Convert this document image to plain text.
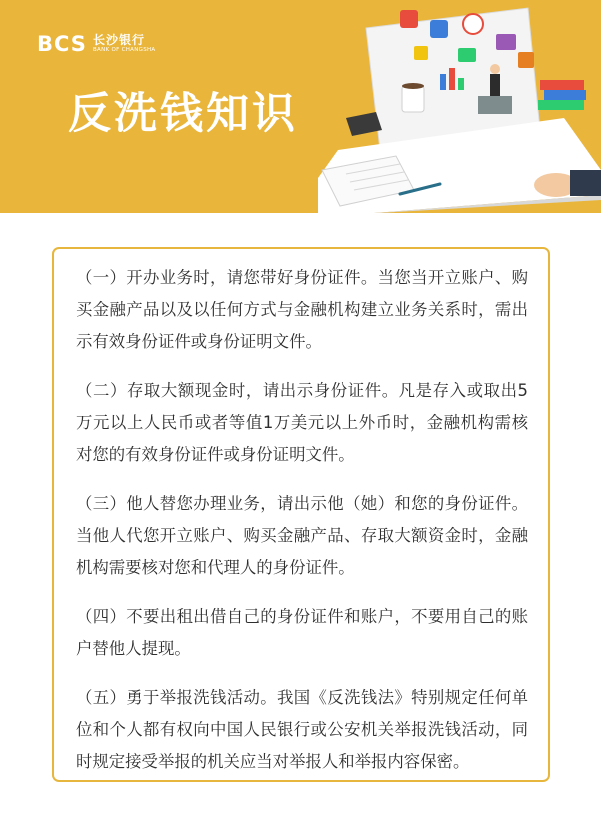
BCS 长沙银行
BANK OF CHANGSHA
反洗钱知识

（一）开办业务时，请您带好身份证件。当您当开立账户、购买金融产品以及以任何方式与金融机构建立业务关系时，需出示有效身份证件或身份证明文件。

（二）存取大额现金时，请出示身份证件。凡是存入或取出5万元以上人民币或者等值1万美元以上外币时，金融机构需核对您的有效身份证件或身份证明文件。

（三）他人替您办理业务，请出示他（她）和您的身份证件。当他人代您开立账户、购买金融产品、存取大额资金时，金融机构需要核对您和代理人的身份证件。

（四）不要出租出借自己的身份证件和账户，不要用自己的账户替他人提现。

（五）勇于举报洗钱活动。我国《反洗钱法》特别规定任何单位和个人都有权向中国人民银行或公安机关举报洗钱活动，同时规定接受举报的机关应当对举报人和举报内容保密。
